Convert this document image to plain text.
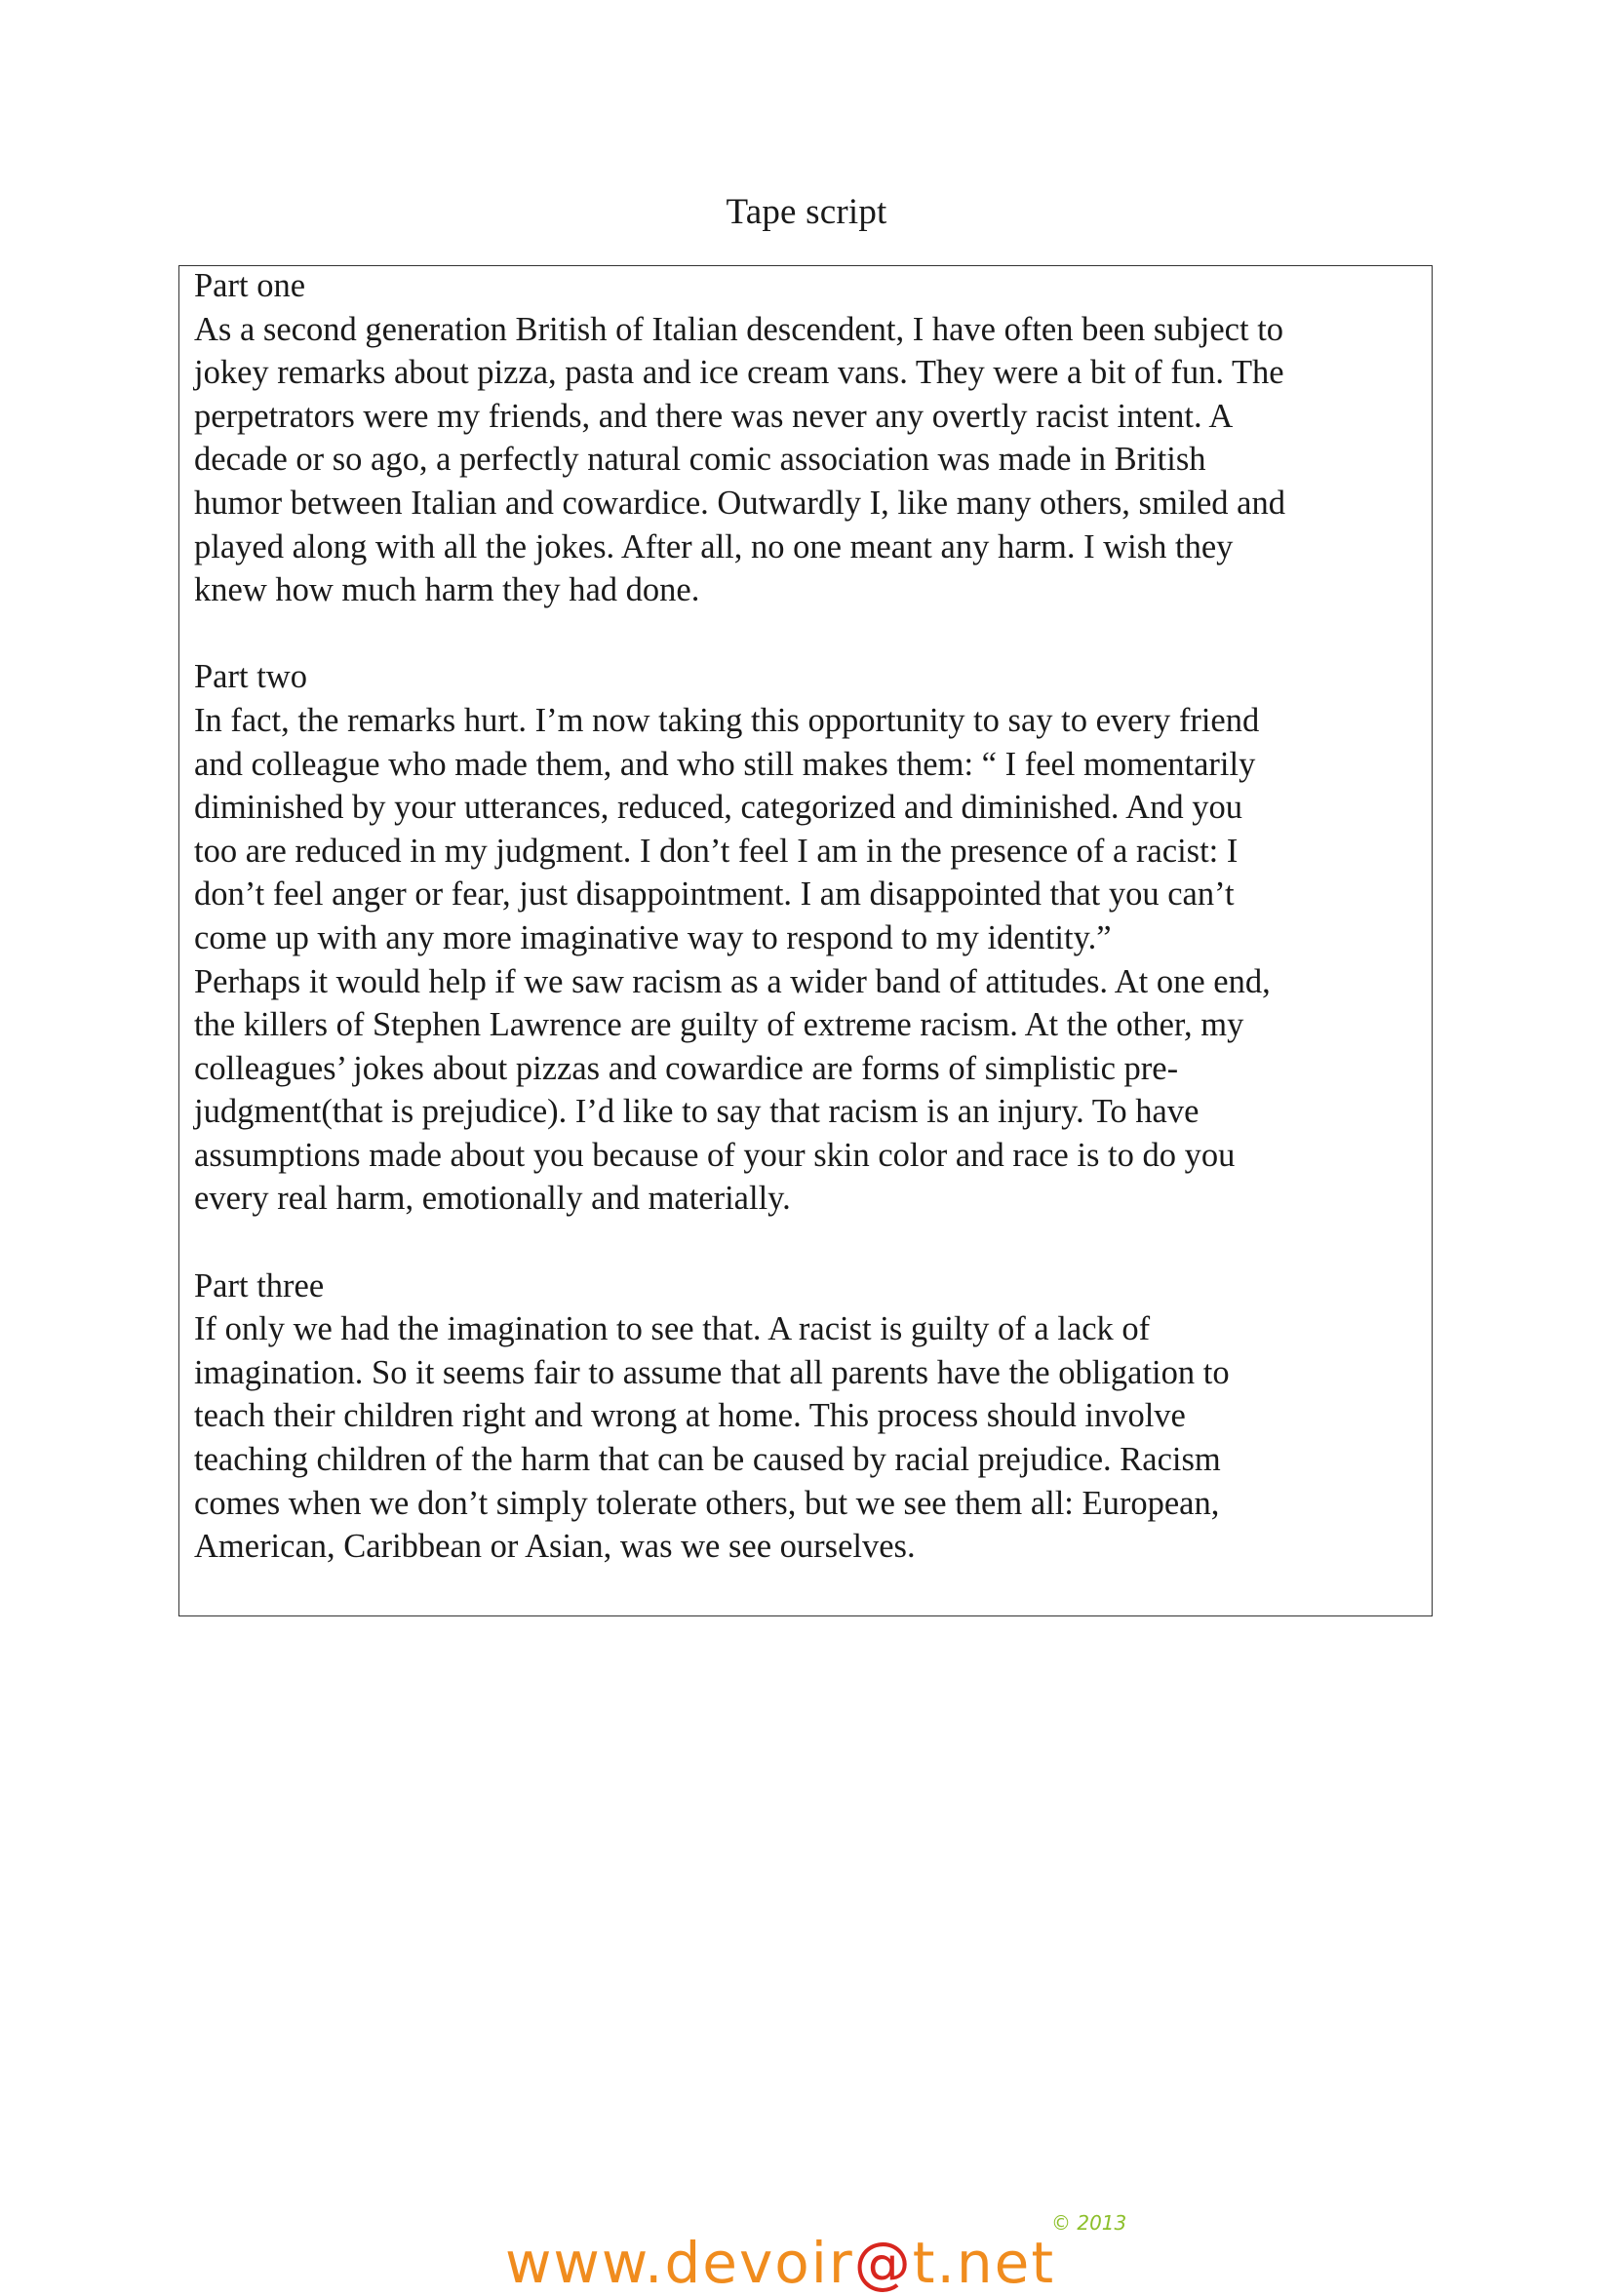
Tape script

Part one

As a second generation British of Italian descendent, I have often been subject to
jokey remarks about pizza, pasta and ice cream vans. They were a bit of fun. The
perpetrators were my friends, and there was never any overtly racist intent. A
decade or so ago, a perfectly natural comic association was made in British
humor between Italian and cowardice. Outwardly I, like many others, smiled and
played along with all the jokes. After all, no one meant any harm. I wish they
knew how much harm they had done.

Part two

In fact, the remarks hurt. I’m now taking this opportunity to say to every friend
and colleague who made them, and who still makes them: “ I feel momentarily
diminished by your utterances, reduced, categorized and diminished. And you
too are reduced in my judgment. I don’t feel I am in the presence of a racist: I
don’t feel anger or fear, just disappointment. I am disappointed that you can’t
come up with any more imaginative way to respond to my identity.”

Perhaps it would help if we saw racism as a wider band of attitudes. At one end,
the killers of Stephen Lawrence are guilty of extreme racism. At the other, my
colleagues’ jokes about pizzas and cowardice are forms of simplistic pre-
judgment(that is prejudice). I’d like to say that racism is an injury. To have
assumptions made about you because of your skin color and race is to do you
every real harm, emotionally and materially.

Part three

If only we had the imagination to see that. A racist is guilty of a lack of
imagination. So it seems fair to assume that all parents have the obligation to
teach their children right and wrong at home. This process should involve
teaching children of the harm that can be caused by racial prejudice. Racism
comes when we don’t simply tolerate others, but we see them all: European,
American, Caribbean or Asian, was we see ourselves.

www.devoir@t.net
© 2013
